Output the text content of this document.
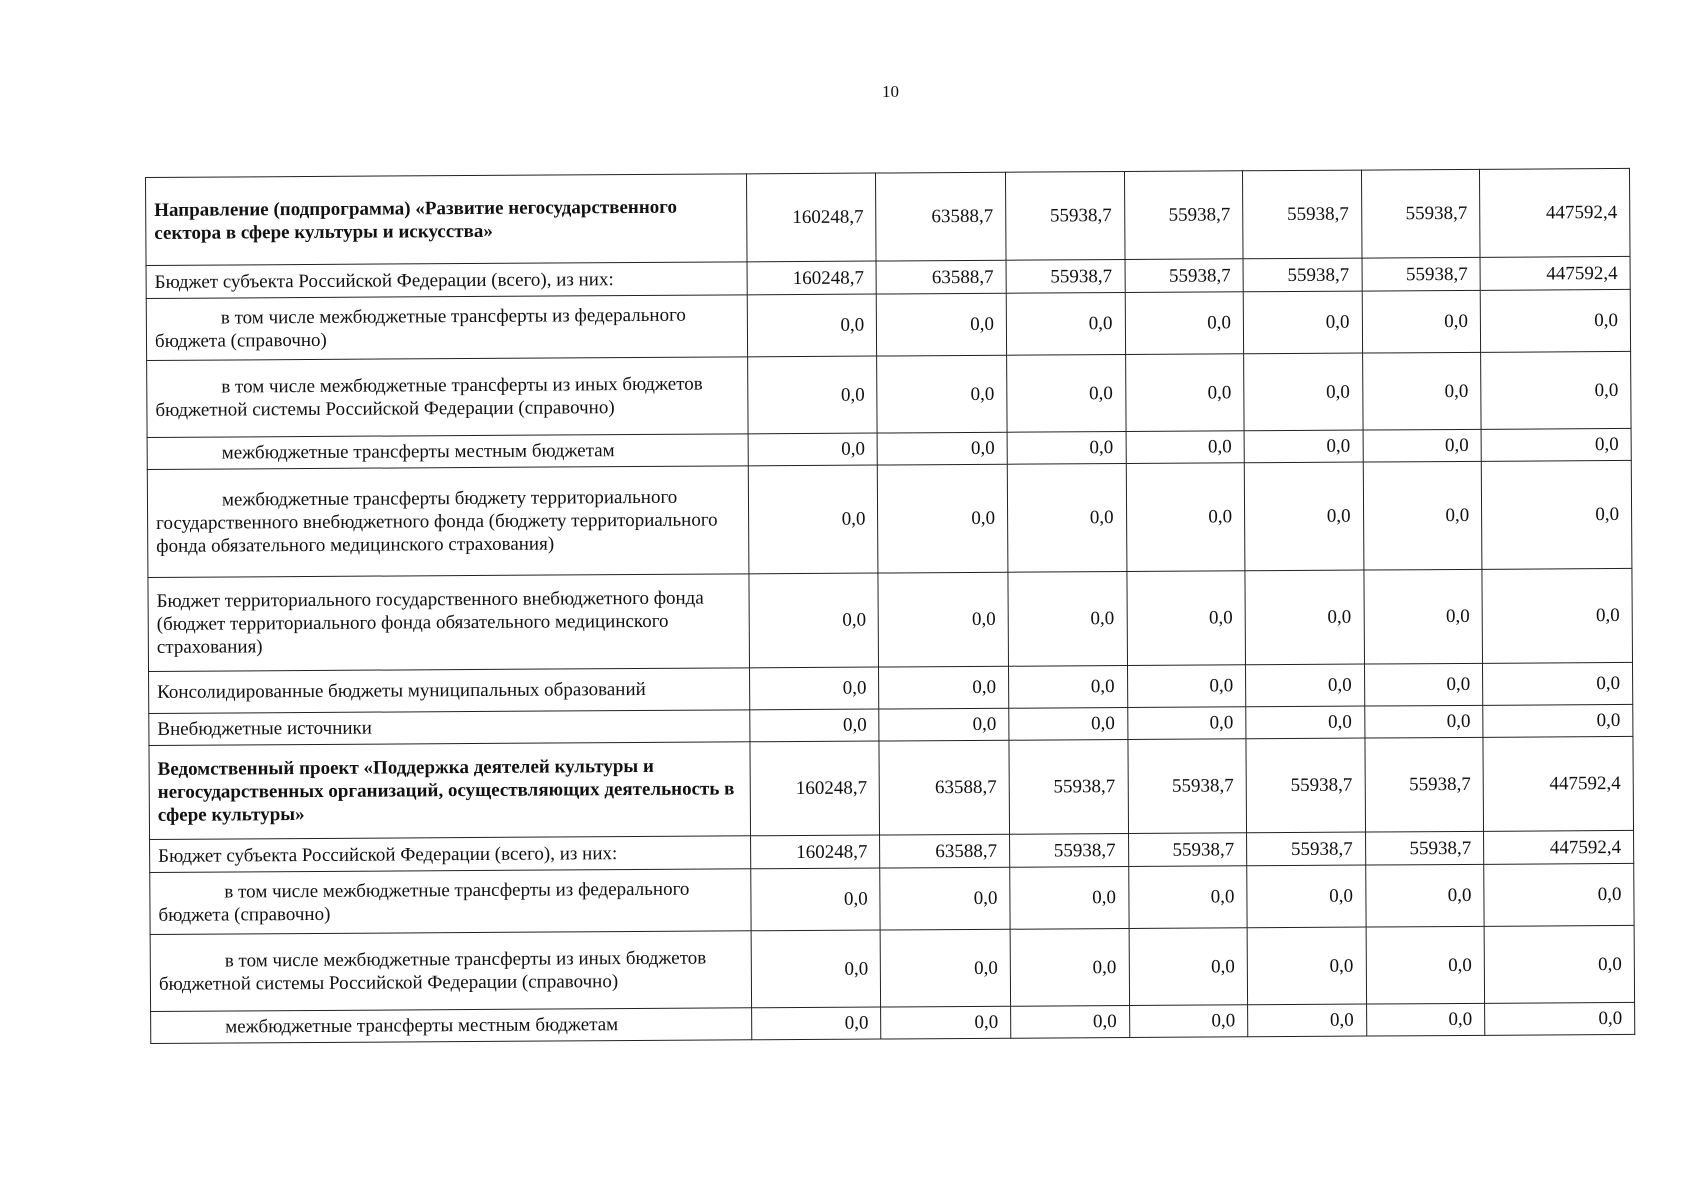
10
Направление (подпрограмма) «Развитие негосударственного сектора в сфере культуры и искусства»	160248,7	63588,7	55938,7	55938,7	55938,7	55938,7	447592,4
Бюджет субъекта Российской Федерации (всего), из них:	160248,7	63588,7	55938,7	55938,7	55938,7	55938,7	447592,4
в том числе межбюджетные трансферты из федерального бюджета (справочно)	0,0	0,0	0,0	0,0	0,0	0,0	0,0
в том числе межбюджетные трансферты из иных бюджетов бюджетной системы Российской Федерации (справочно)	0,0	0,0	0,0	0,0	0,0	0,0	0,0
межбюджетные трансферты местным бюджетам	0,0	0,0	0,0	0,0	0,0	0,0	0,0
межбюджетные трансферты бюджету территориального государственного внебюджетного фонда (бюджету территориального фонда обязательного медицинского страхования)	0,0	0,0	0,0	0,0	0,0	0,0	0,0
Бюджет территориального государственного внебюджетного фонда (бюджет территориального фонда обязательного медицинского страхования)	0,0	0,0	0,0	0,0	0,0	0,0	0,0
Консолидированные бюджеты муниципальных образований	0,0	0,0	0,0	0,0	0,0	0,0	0,0
Внебюджетные источники	0,0	0,0	0,0	0,0	0,0	0,0	0,0
Ведомственный проект «Поддержка деятелей культуры и негосударственных организаций, осуществляющих деятельность в сфере культуры»	160248,7	63588,7	55938,7	55938,7	55938,7	55938,7	447592,4
Бюджет субъекта Российской Федерации (всего), из них:	160248,7	63588,7	55938,7	55938,7	55938,7	55938,7	447592,4
в том числе межбюджетные трансферты из федерального бюджета (справочно)	0,0	0,0	0,0	0,0	0,0	0,0	0,0
в том числе межбюджетные трансферты из иных бюджетов бюджетной системы Российской Федерации (справочно)	0,0	0,0	0,0	0,0	0,0	0,0	0,0
межбюджетные трансферты местным бюджетам	0,0	0,0	0,0	0,0	0,0	0,0	0,0
